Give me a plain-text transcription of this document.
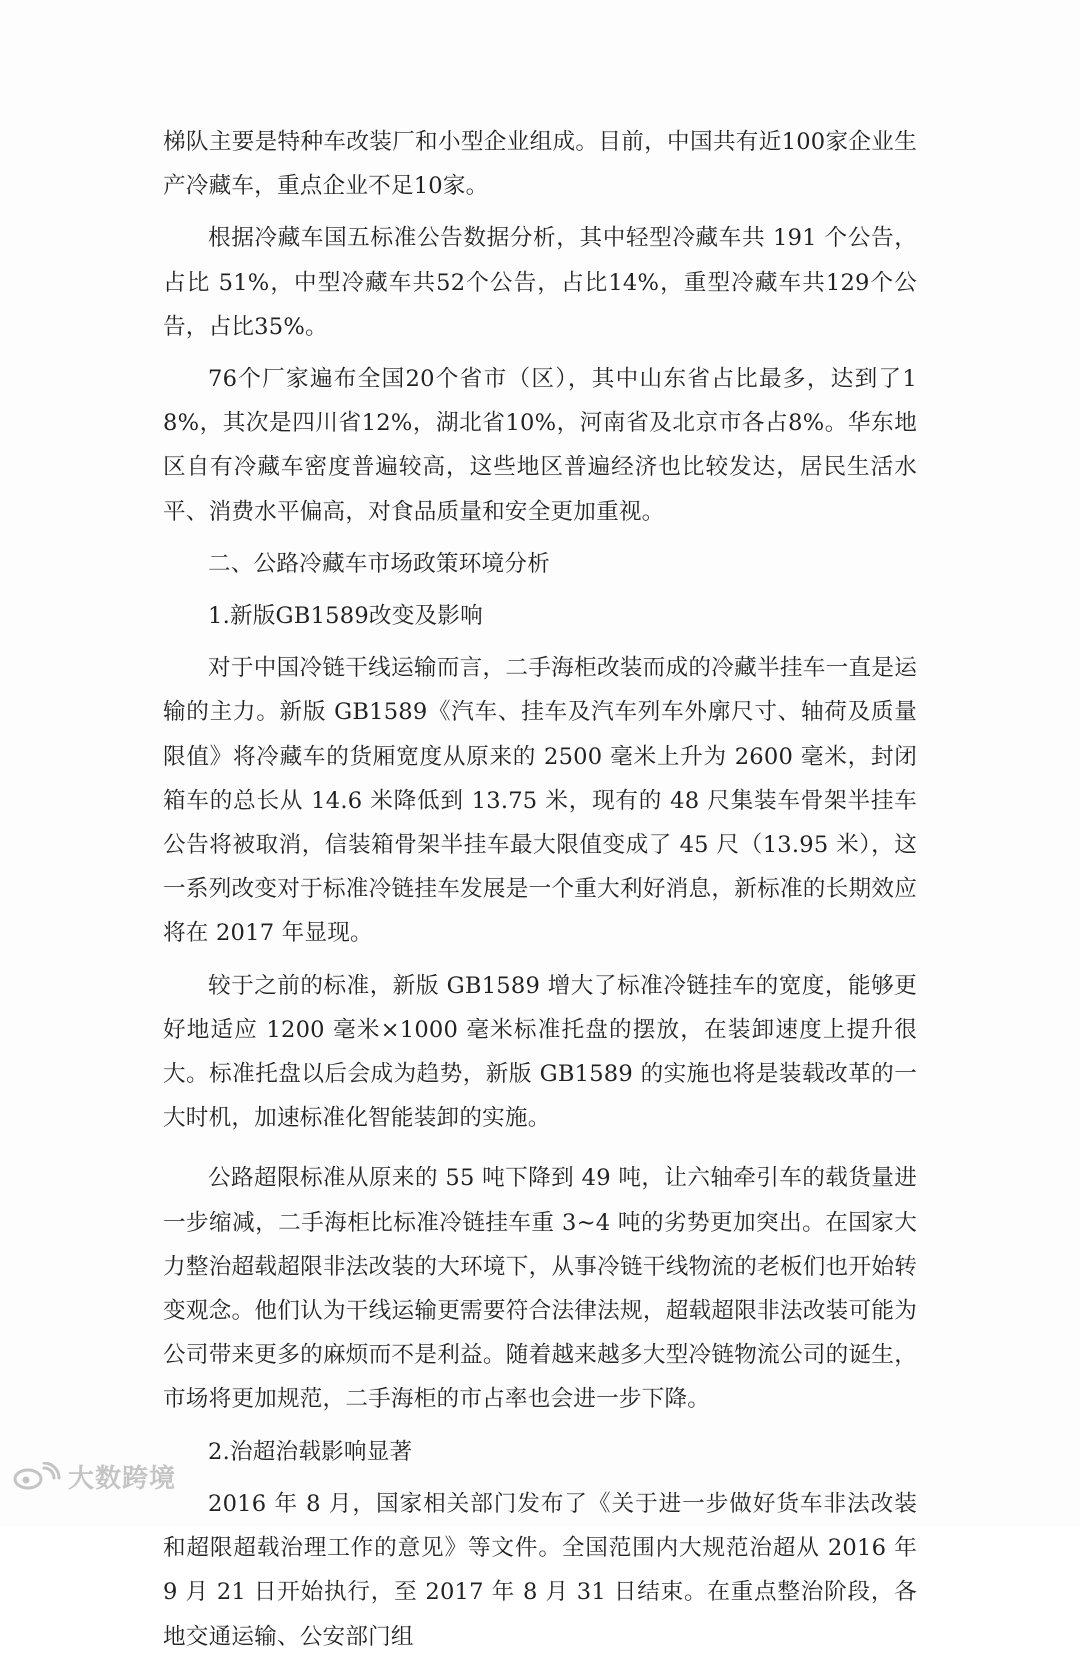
梯队主要是特种车改装厂和小型企业组成。目前，中国共有近100家企业生产冷藏车，重点企业不足10家。

根据冷藏车国五标准公告数据分析，其中轻型冷藏车共 191 个公告，占比 51%，中型冷藏车共52个公告，占比14%，重型冷藏车共129个公告，占比35%。

76个厂家遍布全国20个省市（区），其中山东省占比最多，达到了18%，其次是四川省12%，湖北省10%，河南省及北京市各占8%。华东地区自有冷藏车密度普遍较高，这些地区普遍经济也比较发达，居民生活水平、消费水平偏高，对食品质量和安全更加重视。

二、公路冷藏车市场政策环境分析

1.新版GB1589改变及影响

对于中国冷链干线运输而言，二手海柜改装而成的冷藏半挂车一直是运输的主力。新版 GB1589《汽车、挂车及汽车列车外廓尺寸、轴荷及质量限值》将冷藏车的货厢宽度从原来的 2500 毫米上升为 2600 毫米，封闭箱车的总长从 14.6 米降低到 13.75 米，现有的 48 尺集装车骨架半挂车公告将被取消，信装箱骨架半挂车最大限值变成了 45 尺（13.95 米），这一系列改变对于标准冷链挂车发展是一个重大利好消息，新标准的长期效应将在 2017 年显现。

较于之前的标准，新版 GB1589 增大了标准冷链挂车的宽度，能够更好地适应 1200 毫米×1000 毫米标准托盘的摆放，在装卸速度上提升很大。标准托盘以后会成为趋势，新版 GB1589 的实施也将是装载改革的一大时机，加速标准化智能装卸的实施。

公路超限标准从原来的 55 吨下降到 49 吨，让六轴牵引车的载货量进一步缩减，二手海柜比标准冷链挂车重 3~4 吨的劣势更加突出。在国家大力整治超载超限非法改装的大环境下，从事冷链干线物流的老板们也开始转变观念。他们认为干线运输更需要符合法律法规，超载超限非法改装可能为公司带来更多的麻烦而不是利益。随着越来越多大型冷链物流公司的诞生，市场将更加规范，二手海柜的市占率也会进一步下降。

2.治超治载影响显著

2016 年 8 月，国家相关部门发布了《关于进一步做好货车非法改装和超限超载治理工作的意见》等文件。全国范围内大规范治超从 2016 年 9 月 21 日开始执行，至 2017 年 8 月 31 日结束。在重点整治阶段，各地交通运输、公安部门组

大数跨境
